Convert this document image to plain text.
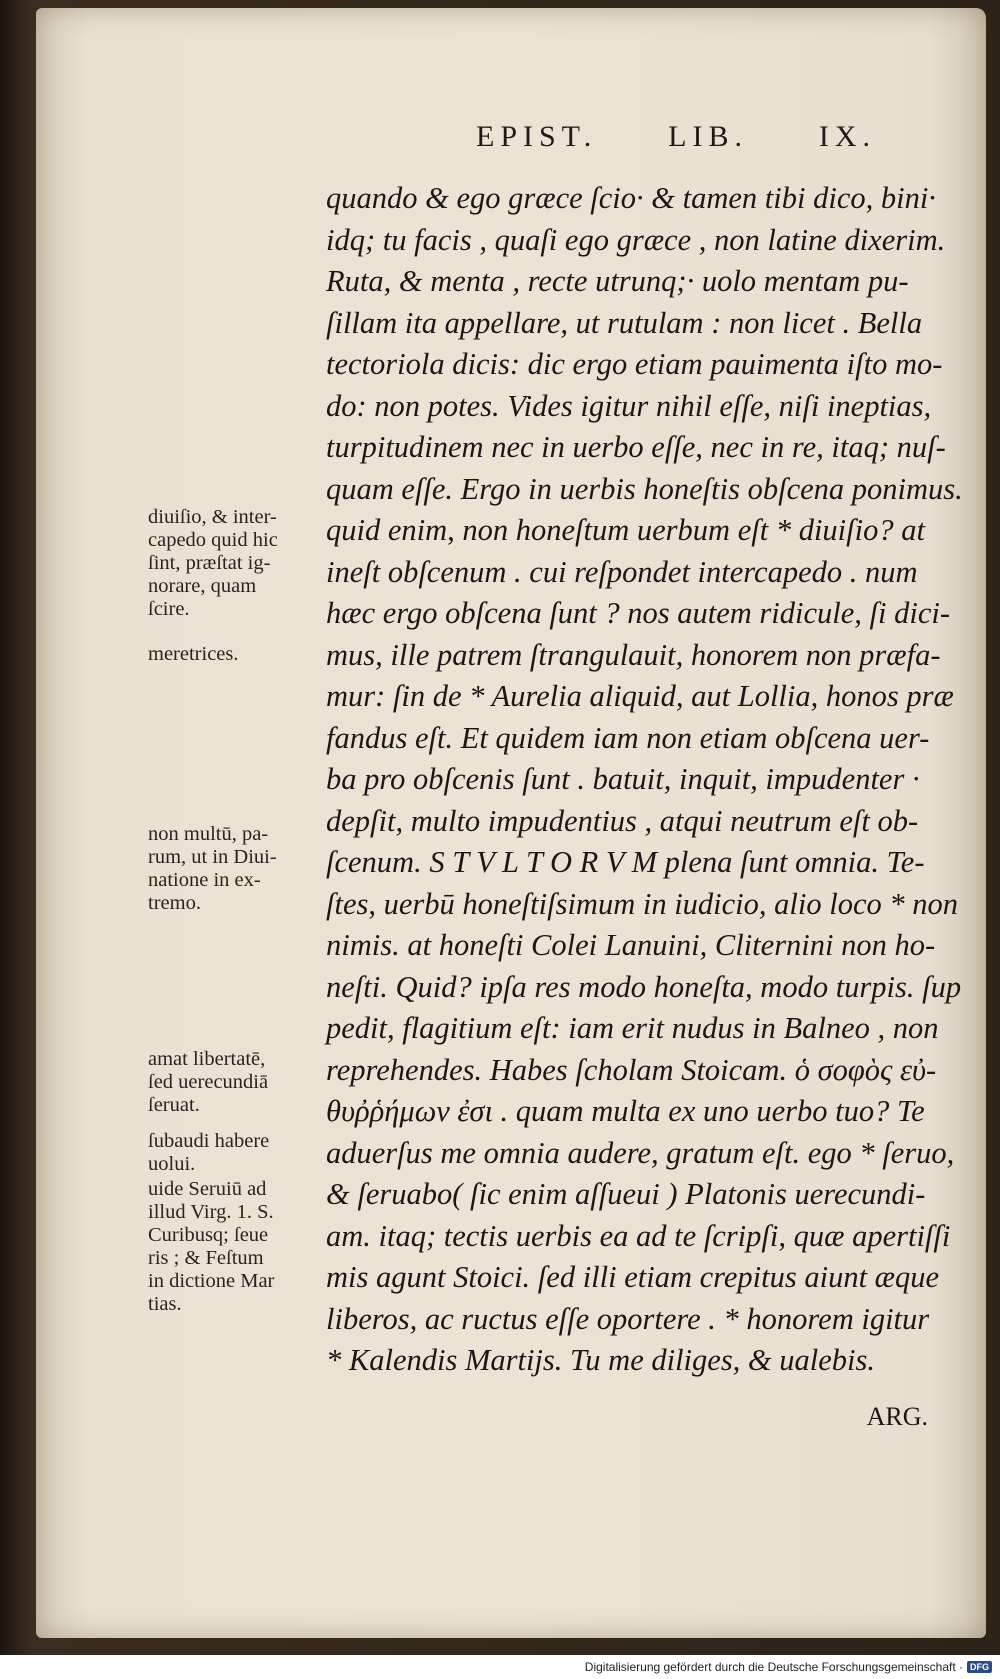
EPIST. LIB. IX.
quando & ego græce ſcio· & tamen tibi dico, bini·
idq; tu facis , quaſi ego græce , non latine dixerim.
Ruta, & menta , recte utrunq;· uolo mentam pu-
ſillam ita appellare, ut rutulam : non licet . Bella
tectoriola dicis: dic ergo etiam pauimenta iſto mo-
do: non potes. Vides igitur nihil eſſe, niſi ineptias,
turpitudinem nec in uerbo eſſe, nec in re, itaq; nuſ-
quam eſſe. Ergo in uerbis honeſtis obſcena ponimus.
quid enim, non honeſtum uerbum eſt * diuiſio? at
ineſt obſcenum . cui reſpondet intercapedo . num
hæc ergo obſcena ſunt ? nos autem ridicule, ſi dici-
mus, ille patrem ſtrangulauit, honorem non præfa-
mur: ſin de * Aurelia aliquid, aut Lollia, honos præ
fandus eſt. Et quidem iam non etiam obſcena uer-
ba pro obſcenis ſunt . batuit, inquit, impudenter ·
depſit, multo impudentius , atqui neutrum eſt ob-
ſcenum. S T V L T O R V M plena ſunt omnia. Te-
ſtes, uerbū honeſtiſsimum in iudicio, alio loco * non
nimis. at honeſti Colei Lanuini, Cliternini non ho-
neſti. Quid? ipſa res modo honeſta, modo turpis. ſup
pedit, flagitium eſt: iam erit nudus in Balneo , non
reprehendes. Habes ſcholam Stoicam. ὁ σοφὸς εὐ-
θυῤῥήμων ἐσι . quam multa ex uno uerbo tuo? Te
aduerſus me omnia audere, gratum eſt. ego * ſeruo,
& ſeruabo( ſic enim aſſueui ) Platonis uerecundi-
am. itaq; tectis uerbis ea ad te ſcripſi, quæ apertiſſi
mis agunt Stoici. ſed illi etiam crepitus aiunt æque
liberos, ac ructus eſſe oportere . * honorem igitur
* Kalendis Martijs. Tu me diliges, & ualebis.
diuiſio, & inter-
capedo quid hic
ſint, præſtat ig-
norare, quam
ſcire.
meretrices.
non multū, pa-
rum, ut in Diui-
natione in ex-
tremo.
amat libertatē,
ſed uerecundiā
ſeruat.
ſubaudi habere
uolui.
uide Seruiū ad
illud Virg. 1. S.
Curibusq; ſeue
ris ; & Feſtum
in dictione Mar
tias.
ARG.
Digitalisierung gefördert durch die Deutsche Forschungsgemeinschaft · DFG
